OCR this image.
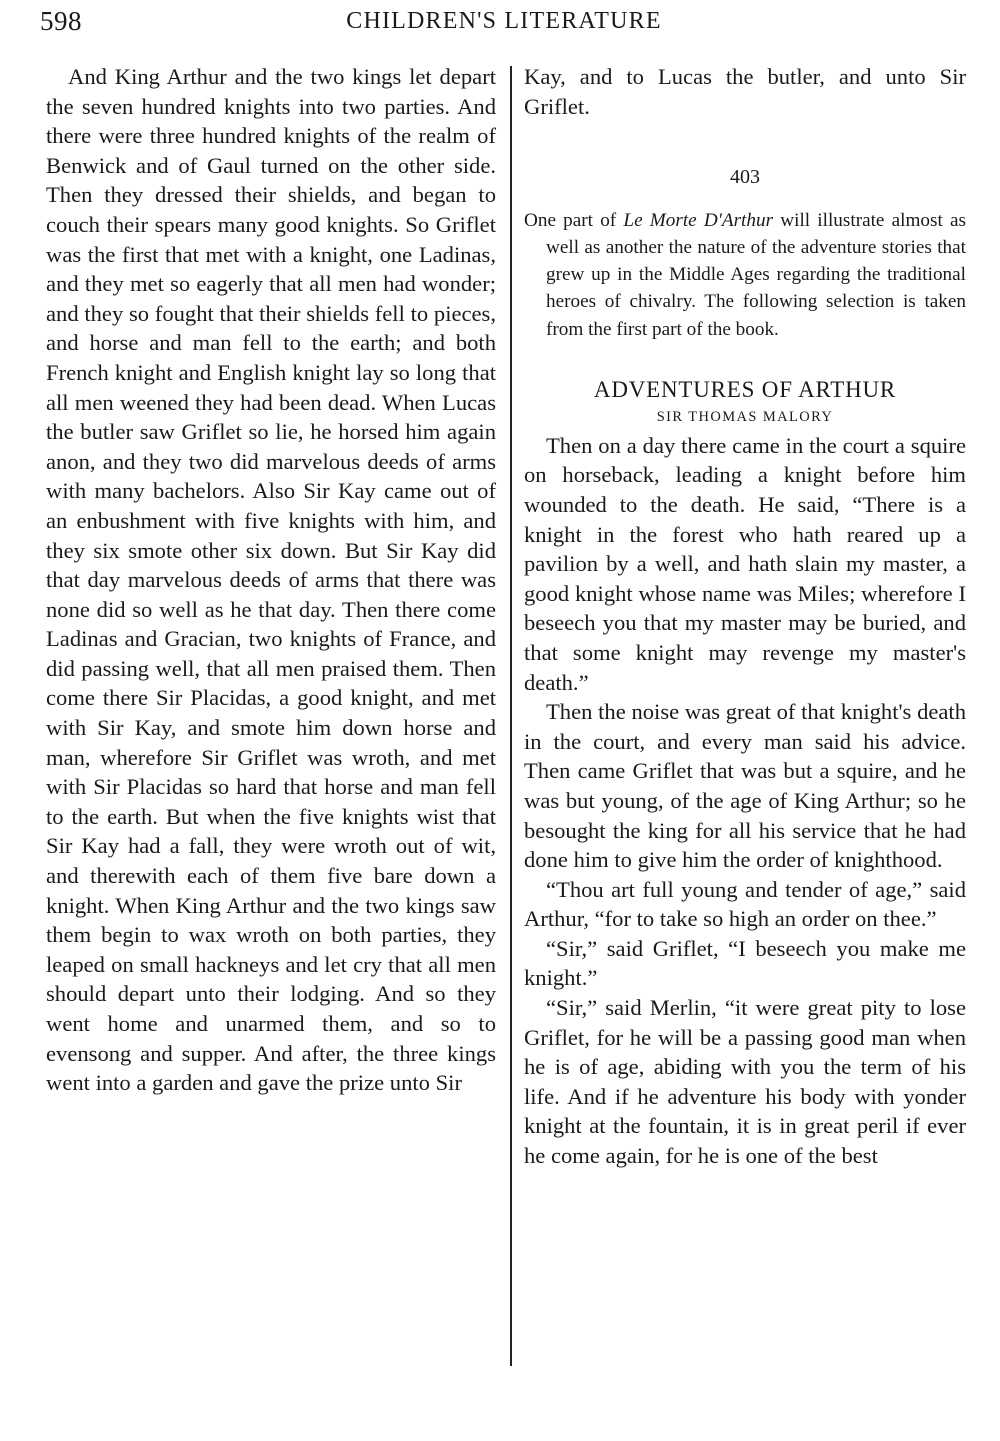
598	CHILDREN'S LITERATURE

And King Arthur and the two kings let depart the seven hundred knights into two parties. And there were three hundred knights of the realm of Benwick and of Gaul turned on the other side. Then they dressed their shields, and began to couch their spears many good knights. So Griflet was the first that met with a knight, one Ladinas, and they met so eagerly that all men had wonder; and they so fought that their shields fell to pieces, and horse and man fell to the earth; and both French knight and English knight lay so long that all men weened they had been dead. When Lucas the butler saw Griflet so lie, he horsed him again anon, and they two did marvelous deeds of arms with many bachelors. Also Sir Kay came out of an enbushment with five knights with him, and they six smote other six down. But Sir Kay did that day marvelous deeds of arms that there was none did so well as he that day. Then there come Ladinas and Gracian, two knights of France, and did passing well, that all men praised them. Then come there Sir Placidas, a good knight, and met with Sir Kay, and smote him down horse and man, wherefore Sir Griflet was wroth, and met with Sir Placidas so hard that horse and man fell to the earth. But when the five knights wist that Sir Kay had a fall, they were wroth out of wit, and therewith each of them five bare down a knight. When King Arthur and the two kings saw them begin to wax wroth on both parties, they leaped on small hackneys and let cry that all men should depart unto their lodging. And so they went home and unarmed them, and so to evensong and supper. And after, the three kings went into a garden and gave the prize unto Sir

Kay, and to Lucas the butler, and unto Sir Griflet.

403

One part of Le Morte D'Arthur will illustrate almost as well as another the nature of the adventure stories that grew up in the Middle Ages regarding the traditional heroes of chivalry. The following selection is taken from the first part of the book.

ADVENTURES OF ARTHUR

SIR THOMAS MALORY

Then on a day there came in the court a squire on horseback, leading a knight before him wounded to the death. He said, “There is a knight in the forest who hath reared up a pavilion by a well, and hath slain my master, a good knight whose name was Miles; wherefore I beseech you that my master may be buried, and that some knight may revenge my master's death.”

Then the noise was great of that knight's death in the court, and every man said his advice. Then came Griflet that was but a squire, and he was but young, of the age of King Arthur; so he besought the king for all his service that he had done him to give him the order of knighthood.

“Thou art full young and tender of age,” said Arthur, “for to take so high an order on thee.”

“Sir,” said Griflet, “I beseech you make me knight.”

“Sir,” said Merlin, “it were great pity to lose Griflet, for he will be a passing good man when he is of age, abiding with you the term of his life. And if he adventure his body with yonder knight at the fountain, it is in great peril if ever he come again, for he is one of the best
